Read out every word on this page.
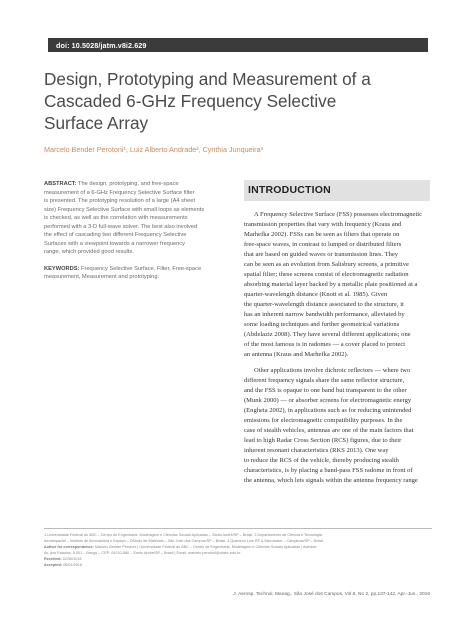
doi: 10.5028/jatm.v8i2.629
Design, Prototyping and Measurement of a
Cascaded 6-GHz Frequency Selective
Surface Array
Marcelo Bender Perotoni¹, Luiz Alberto Andrade², Cynthia Junqueira³
ABSTRACT: The design, prototyping, and free-space
measurement of a 6-GHz Frequency Selective Surface filter
is presented. The prototyping resolution of a large (A4 sheet
size) Frequency Selective Surface with small loops as elements
is checked, as well as the correlation with measurements
performed with a 3-D full-wave solver. The best also involved
the effect of cascading two different Frequency Selective
Surfaces with a viewpoint towards a narrower frequency
range, which provided good results.
KEYWORDS: Frequency Selective Surface, Filter, Free-space
measurement, Measurement and prototyping.
INTRODUCTION
A Frequency Selective Surface (FSS) possesses electromagnetic
transmission properties that vary with frequency (Kraus and
Marhefka 2002). FSSs can be seen as filters that operate on
free-space waves, in contrast to lumped or distributed filters
that are based on guided waves or transmission lines. They
can be seen as an evolution from Salisbury screens, a primitive
spatial filter; these screens consist of electromagnetic radiation
absorbing material layer backed by a metallic plate positioned at a
quarter-wavelength distance (Knott et al. 1985). Given
the quarter-wavelength distance associated to the structure, it
has an inherent narrow bandwidth performance, alleviated by
some loading techniques and further geometrical variations
(Abdelaziz 2008). They have several different applications; one
of the most famous is in radomes — a cover placed to protect
an antenna (Kraus and Marhefka 2002).
Other applications involve dichroic reflectors — where two
different frequency signals share the same reflector structure,
and the FSS is opaque to one band but transparent to the other
(Munk 2000) — or absorber screens for electromagnetic energy
(Engheta 2002), in applications such as for reducing unintended
emissions for electromagnetic compatibility purposes. In the
case of stealth vehicles, antennas are one of the main factors that
lead to high Radar Cross Section (RCS) figures, due to their
inherent resonant characteristics (RKS 2013). One way
to reduce the RCS of the vehicle, thereby producing stealth
characteristics, is by placing a band-pass FSS radome in front of
the antenna, which lets signals within the antenna frequency range
1.Universidade Federal do ABC – Centro de Engenharia, Modelagem e Ciências Sociais Aplicadas – Santo André/SP – Brasil. 2.Departamento de Ciência e Tecnologia
Aeroespacial – Instituto de Aeronáutica e Espaço – Divisão de Materiais – São José dos Campos/SP – Brasil. 3.Quantum Line RF & Microwave – Campinas/SP – Brasil.
Author for correspondence: Marcelo Bender Perotoni | Universidade Federal do ABC – Centro de Engenharia, Modelagem e Ciências Sociais Aplicadas | Avenida
Av. dos Estados, 5.001 – Bangu – CEP: 09210-580 – Santo André/SP – Brasil | Email: marcelo.perotoni@ufabc.edu.br
Received: 02/30/2016
Accepted: 05/01/2016
J. Aerosp. Technol. Manag., São José dos Campos, Vol.8, No 2, pp.137-142, Apr.-Jun., 2016
